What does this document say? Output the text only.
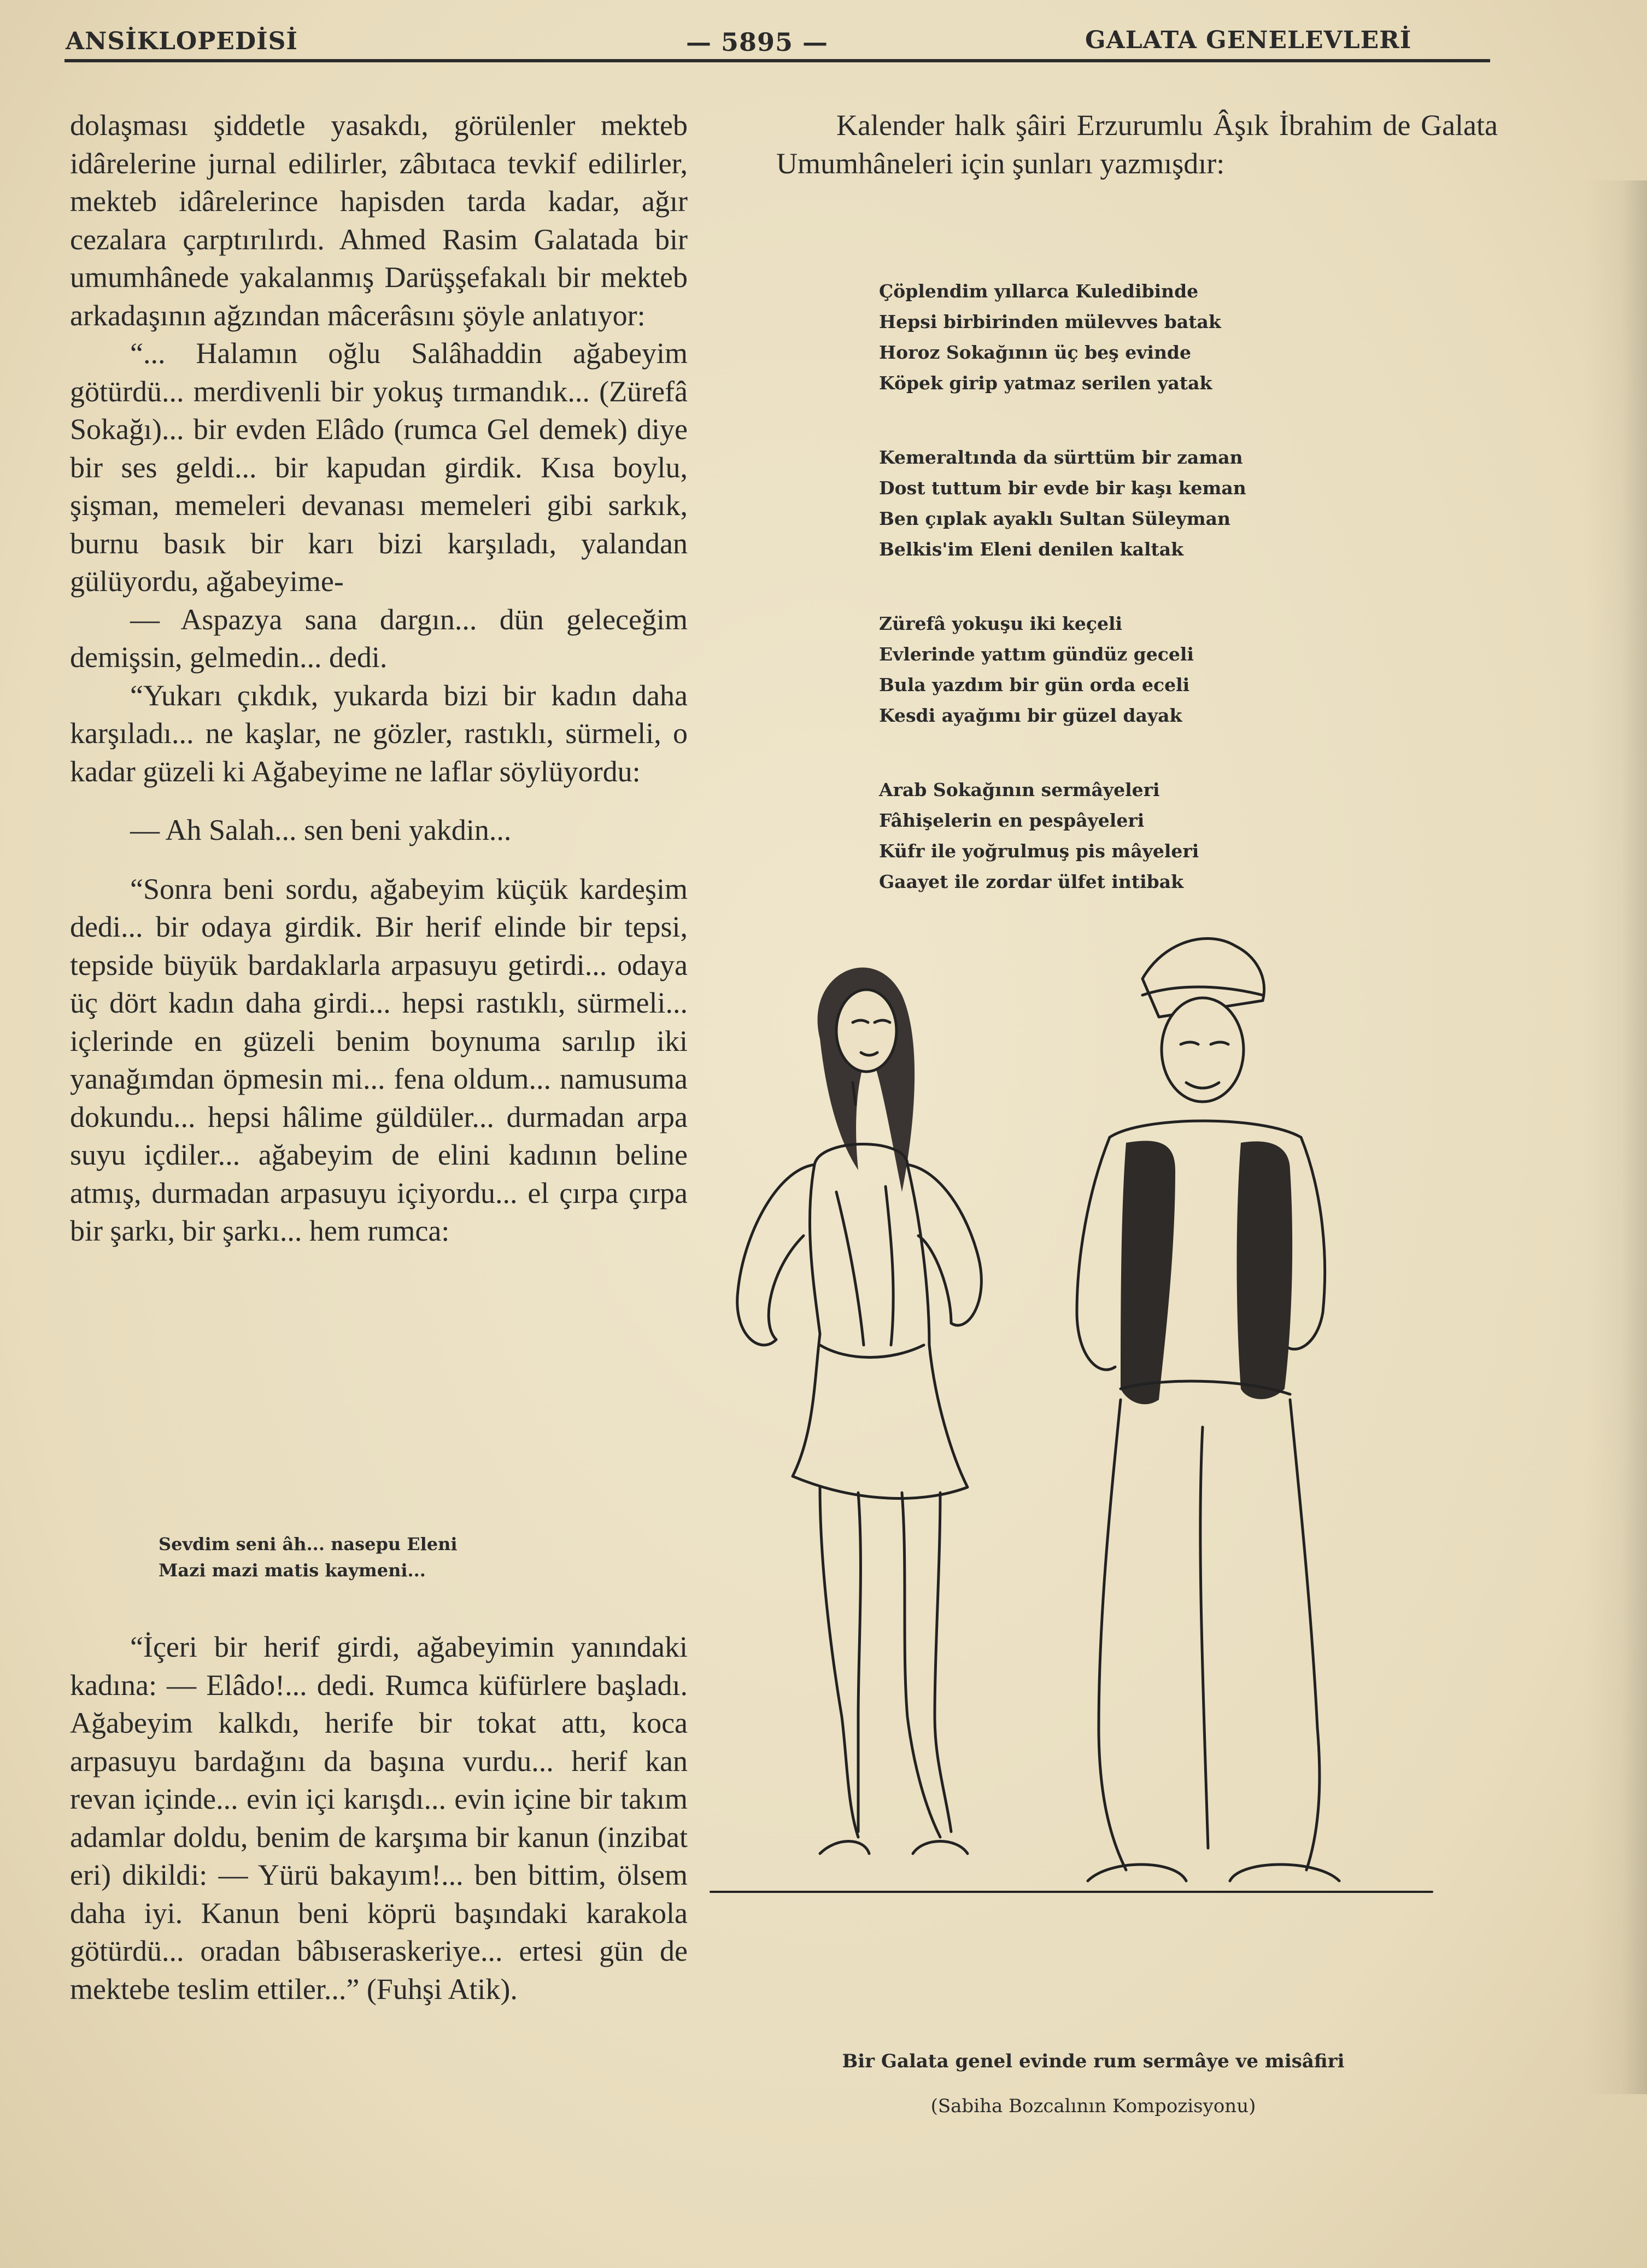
ANSİKLOPEDİSİ	— 5895 —	GALATA GENELEVLERİ

dolaşması şiddetle yasakdı, görülenler mekteb idârelerine jurnal edilirler, zâbıtaca tevkif edilirler, mekteb idârelerince hapisden tarda kadar, ağır cezalara çarptırılırdı. Ahmed Rasim Galatada bir umumhânede yakalanmış Darüşşefakalı bir mekteb arkadaşının ağzından mâcerâsını şöyle anlatıyor:

“... Halamın oğlu Salâhaddin ağabeyim götürdü... merdivenli bir yokuş tırmandık... (Zürefâ Sokağı)... bir evden Elâdo (rumca Gel demek) diye bir ses geldi... bir kapudan girdik. Kısa boylu, şişman, memeleri devanası memeleri gibi sarkık, burnu basık bir karı bizi karşıladı, yalandan gülüyordu, ağabeyime-

— Aspazya sana dargın... dün geleceğim demişsin, gelmedin... dedi.

“Yukarı çıkdık, yukarda bizi bir kadın daha karşıladı... ne kaşlar, ne gözler, rastıklı, sürmeli, o kadar güzeli ki Ağabeyime ne laflar söylüyordu:

— Ah Salah... sen beni yakdin...

“Sonra beni sordu, ağabeyim küçük kardeşim dedi... bir odaya girdik. Bir herif elinde bir tepsi, tepside büyük bardaklarla arpasuyu getirdi... odaya üç dört kadın daha girdi... hepsi rastıklı, sürmeli... içlerinde en güzeli benim boynuma sarılıp iki yanağımdan öpmesin mi... fena oldum... namusuma dokundu... hepsi hâlime güldüler... durmadan arpa suyu içdiler... ağabeyim de elini kadının beline atmış, durmadan arpasuyu içiyordu... el çırpa çırpa bir şarkı, bir şarkı... hem rumca:

Sevdim seni âh... nasepu Eleni
Mazi mazi matis kaymeni...

“İçeri bir herif girdi, ağabeyimin yanındaki kadına: — Elâdo!... dedi. Rumca küfürlere başladı. Ağabeyim kalkdı, herife bir tokat attı, koca arpasuyu bardağını da başına vurdu... herif kan revan içinde... evin içi karışdı... evin içine bir takım adamlar doldu, benim de karşıma bir kanun (inzibat eri) dikildi: — Yürü bakayım!... ben bittim, ölsem daha iyi. Kanun beni köprü başındaki karakola götürdü... oradan bâbıseraskeriye... ertesi gün de mektebe teslim ettiler...” (Fuhşi Atik).

Kalender halk şâiri Erzurumlu Âşık İbrahim de Galata Umumhâneleri için şunları yazmışdır:

Çöplendim yıllarca Kuledibinde
Hepsi birbirinden mülevves batak
Horoz Sokağının üç beş evinde
Köpek girip yatmaz serilen yatak
Kemeraltında da sürttüm bir zaman
Dost tuttum bir evde bir kaşı keman
Ben çıplak ayaklı Sultan Süleyman
Belkis'im Eleni denilen kaltak
Zürefâ yokuşu iki keçeli
Evlerinde yattım gündüz geceli
Bula yazdım bir gün orda eceli
Kesdi ayağımı bir güzel dayak
Arab Sokağının sermâyeleri
Fâhişelerin en pespâyeleri
Küfr ile yoğrulmuş pis mâyeleri
Gaayet ile zordar ülfet intibak
Bir Galata genel evinde rum sermâye ve misâfiri
(Sabiha Bozcalının Kompozisyonu)
